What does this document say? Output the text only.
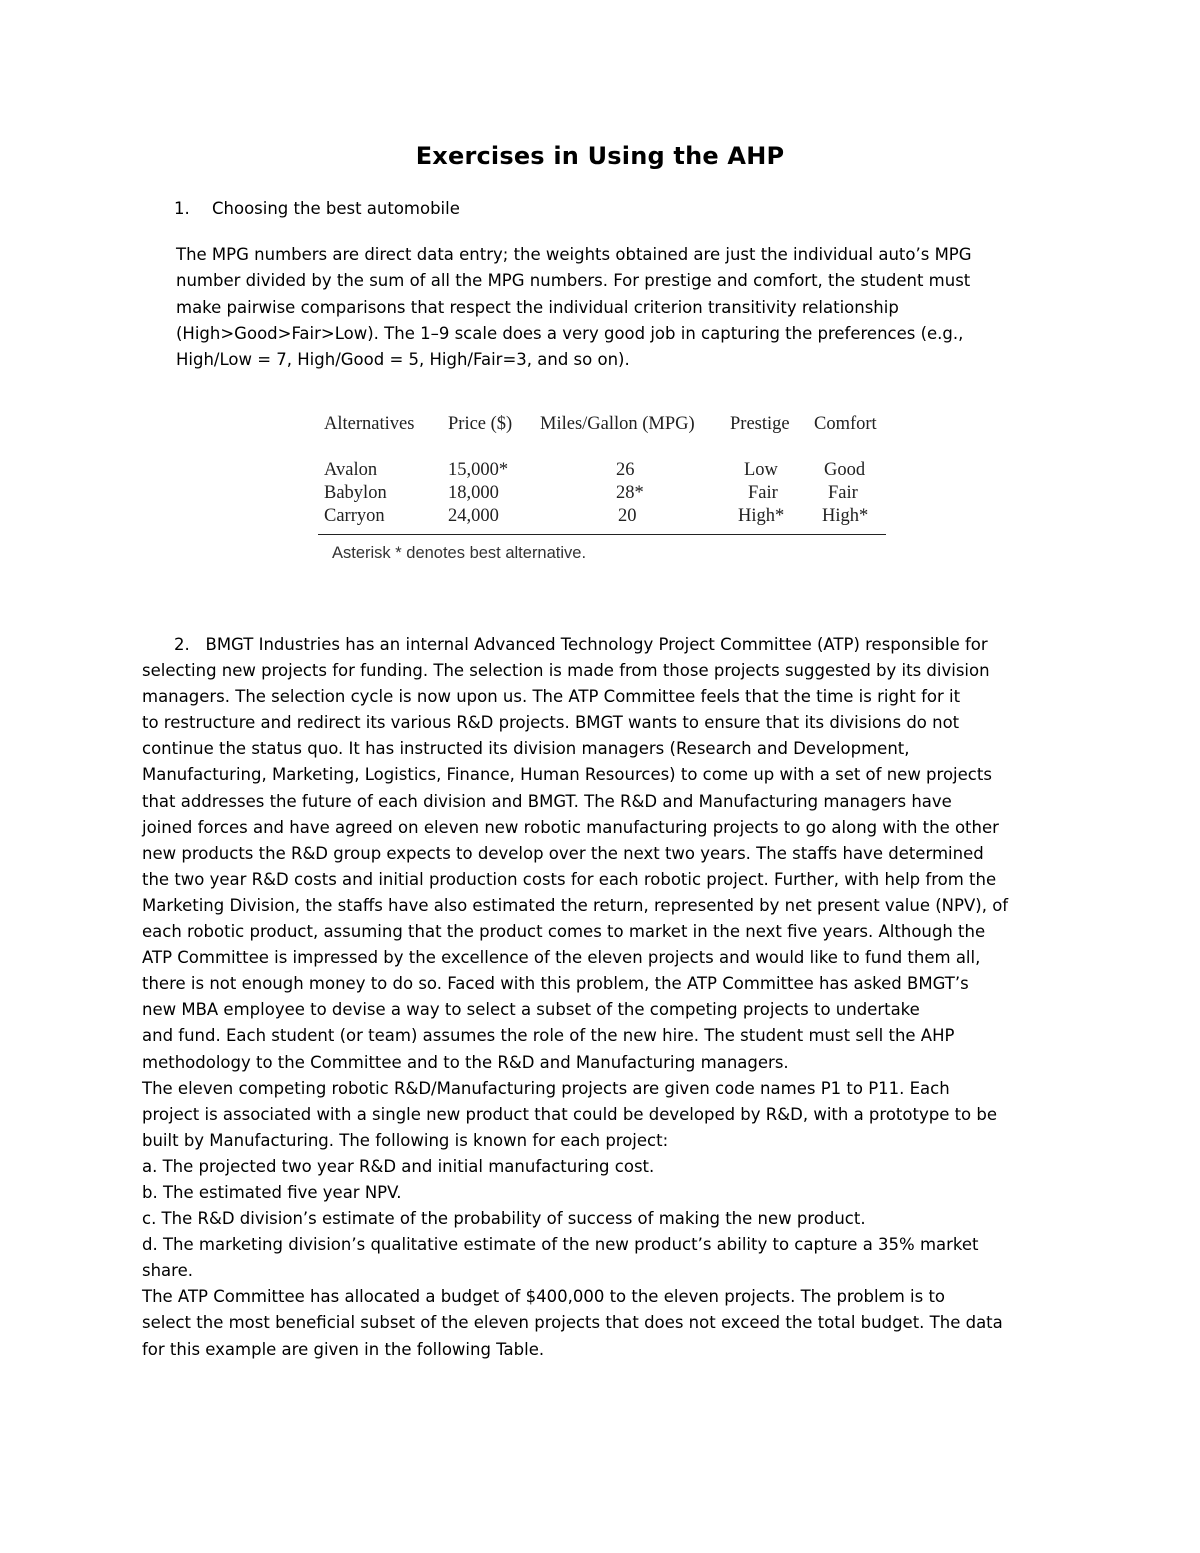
Exercises in Using the AHP
1. Choosing the best automobile
The MPG numbers are direct data entry; the weights obtained are just the individual auto’s MPG
number divided by the sum of all the MPG numbers. For prestige and comfort, the student must
make pairwise comparisons that respect the individual criterion transitivity relationship
(High>Good>Fair>Low). The 1–9 scale does a very good job in capturing the preferences (e.g.,
High/Low = 7, High/Good = 5, High/Fair=3, and so on).
Alternatives Price ($) Miles/Gallon (MPG) Prestige Comfort
Avalon	15,000*	26	Low Good
Babylon	18,000	28*	Fair	Fair
Carryon	24,000	20	High* High*
Asterisk * denotes best alternative.
2. BMGT Industries has an internal Advanced Technology Project Committee (ATP) responsible for
selecting new projects for funding. The selection is made from those projects suggested by its division
managers. The selection cycle is now upon us. The ATP Committee feels that the time is right for it
to restructure and redirect its various R&D projects. BMGT wants to ensure that its divisions do not
continue the status quo. It has instructed its division managers (Research and Development,
Manufacturing, Marketing, Logistics, Finance, Human Resources) to come up with a set of new projects
that addresses the future of each division and BMGT. The R&D and Manufacturing managers have
joined forces and have agreed on eleven new robotic manufacturing projects to go along with the other
new products the R&D group expects to develop over the next two years. The staffs have determined
the two year R&D costs and initial production costs for each robotic project. Further, with help from the
Marketing Division, the staffs have also estimated the return, represented by net present value (NPV), of
each robotic product, assuming that the product comes to market in the next five years. Although the
ATP Committee is impressed by the excellence of the eleven projects and would like to fund them all,
there is not enough money to do so. Faced with this problem, the ATP Committee has asked BMGT’s
new MBA employee to devise a way to select a subset of the competing projects to undertake
and fund. Each student (or team) assumes the role of the new hire. The student must sell the AHP
methodology to the Committee and to the R&D and Manufacturing managers.
The eleven competing robotic R&D/Manufacturing projects are given code names P1 to P11. Each
project is associated with a single new product that could be developed by R&D, with a prototype to be
built by Manufacturing. The following is known for each project:
a. The projected two year R&D and initial manufacturing cost.
b. The estimated five year NPV.
c. The R&D division’s estimate of the probability of success of making the new product.
d. The marketing division’s qualitative estimate of the new product’s ability to capture a 35% market
share.
The ATP Committee has allocated a budget of $400,000 to the eleven projects. The problem is to
select the most beneficial subset of the eleven projects that does not exceed the total budget. The data
for this example are given in the following Table.
